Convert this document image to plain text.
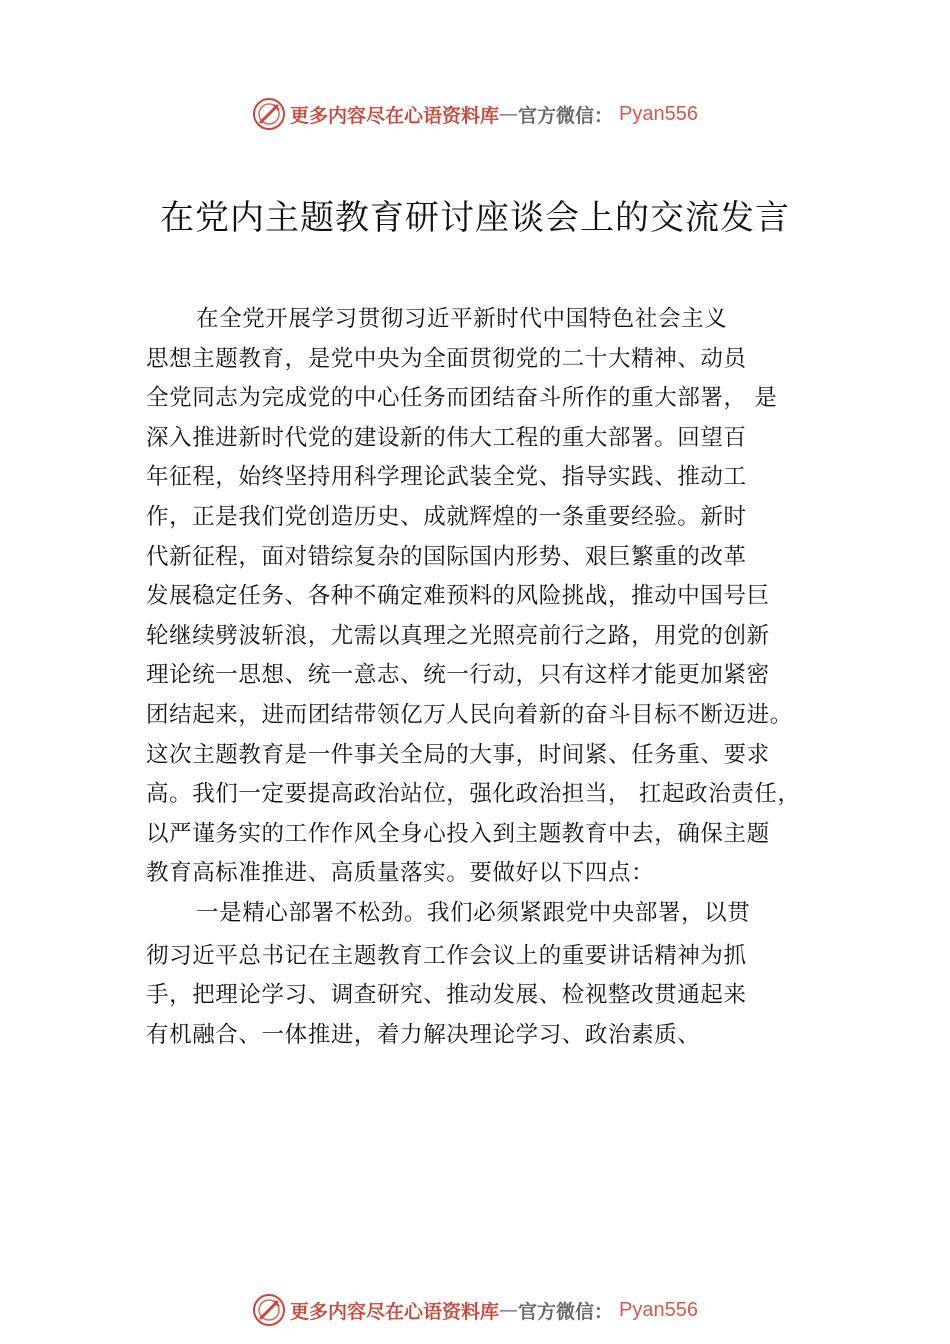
更多内容尽在心语资料库 — 官方微信： Pyan556
在党内主题教育研讨座谈会上的交流发言
在全党开展学习贯彻习近平新时代中国特色社会主义
思想主题教育，是党中央为全面贯彻党的二十大精神、动员
全党同志为完成党的中心任务而团结奋斗所作的重大部署， 是
深入推进新时代党的建设新的伟大工程的重大部署。回望百
年征程，始终坚持用科学理论武装全党、指导实践、推动工
作，正是我们党创造历史、成就辉煌的一条重要经验。新时
代新征程，面对错综复杂的国际国内形势、艰巨繁重的改革
发展稳定任务、各种不确定难预料的风险挑战，推动中国号巨
轮继续劈波斩浪，尤需以真理之光照亮前行之路，用党的创新
理论统一思想、统一意志、统一行动，只有这样才能更加紧密
团结起来，进而团结带领亿万人民向着新的奋斗目标不断迈进。
这次主题教育是一件事关全局的大事，时间紧、任务重、要求
高。我们一定要提高政治站位，强化政治担当， 扛起政治责任，
以严谨务实的工作作风全身心投入到主题教育中去，确保主题
教育高标准推进、高质量落实。要做好以下四点：
一是精心部署不松劲。我们必须紧跟党中央部署，以贯
彻习近平总书记在主题教育工作会议上的重要讲话精神为抓
手，把理论学习、调查研究、推动发展、检视整改贯通起来
有机融合、一体推进，着力解决理论学习、政治素质、
更多内容尽在心语资料库 — 官方微信： Pyan556
